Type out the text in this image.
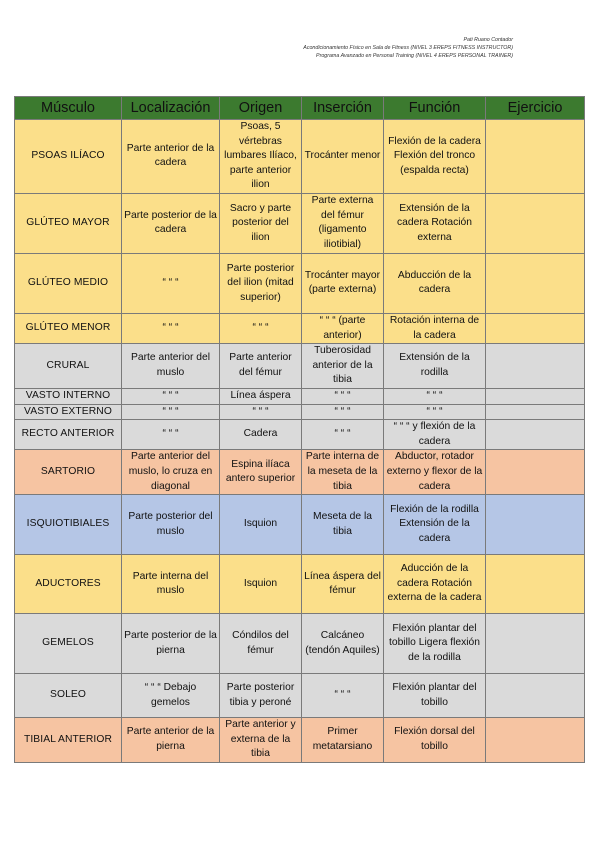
Pati Ruano Contador
Acondicionamiento Físico en Sala de Fitness (NIVEL 3 EREPS FITNESS INSTRUCTOR)
Programa Avanzado en Personal Training (NIVEL 4 EREPS PERSONAL TRAINER)
Músculo	Localización	Origen	Inserción	Función	Ejercicio
PSOAS ILÍACO	Parte anterior de la cadera	Psoas, 5 vértebras lumbares Ilíaco, parte anterior ilion	Trocánter menor	Flexión de la cadera Flexión del tronco (espalda recta)	
GLÚTEO MAYOR	Parte posterior de la cadera	Sacro y parte posterior del ilion	Parte externa del fémur (ligamento iliotibial)	Extensión de la cadera Rotación externa	
GLÚTEO MEDIO	“ “ “	Parte posterior del ilion (mitad superior)	Trocánter mayor (parte externa)	Abducción de la cadera	
GLÚTEO MENOR	“ “ “	“ “ “	“ “ “ (parte anterior)	Rotación interna de la cadera	
CRURAL	Parte anterior del muslo	Parte anterior del fémur	Tuberosidad anterior de la tibia	Extensión de la rodilla	
VASTO INTERNO	“ “ “	Línea áspera	“ “ “	“ “ “	
VASTO EXTERNO	“ “ “	“ “ “	“ “ “	“ “ “	
RECTO ANTERIOR	“ “ “	Cadera	“ “ “	“ “ “ y flexión de la cadera	
SARTORIO	Parte anterior del muslo, lo cruza en diagonal	Espina ilíaca antero superior	Parte interna de la meseta de la tibia	Abductor, rotador externo y flexor de la cadera	
ISQUIOTIBIALES	Parte posterior del muslo	Isquion	Meseta de la tibia	Flexión de la rodilla Extensión de la cadera	
ADUCTORES	Parte interna del muslo	Isquion	Línea áspera del fémur	Aducción de la cadera Rotación externa de la cadera	
GEMELOS	Parte posterior de la pierna	Cóndilos del fémur	Calcáneo (tendón Aquiles)	Flexión plantar del tobillo Ligera flexión de la rodilla	
SOLEO	“ “ “ Debajo gemelos	Parte posterior tibia y peroné	“ “ “	Flexión plantar del tobillo	
TIBIAL ANTERIOR	Parte anterior de la pierna	Parte anterior y externa de la tibia	Primer metatarsiano	Flexión dorsal del tobillo	
